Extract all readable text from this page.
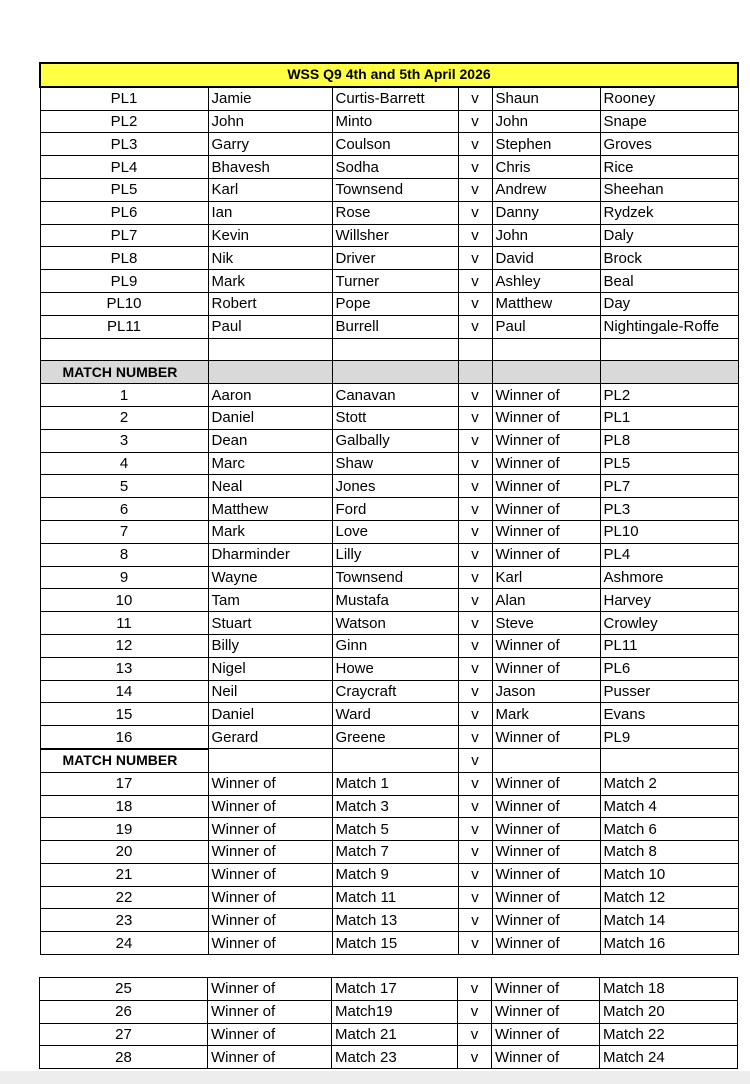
WSS Q9 4th and 5th April 2026					
PL1	Jamie	Curtis-Barrett	v	Shaun	Rooney
PL2	John	Minto	v	John	Snape
PL3	Garry	Coulson	v	Stephen	Groves
PL4	Bhavesh	Sodha	v	Chris	Rice
PL5	Karl	Townsend	v	Andrew	Sheehan
PL6	Ian	Rose	v	Danny	Rydzek
PL7	Kevin	Willsher	v	John	Daly
PL8	Nik	Driver	v	David	Brock
PL9	Mark	Turner	v	Ashley	Beal
PL10	Robert	Pope	v	Matthew	Day
PL11	Paul	Burrell	v	Paul	Nightingale-Roffe

MATCH NUMBER					
1	Aaron	Canavan	v	Winner of	PL2
2	Daniel	Stott	v	Winner of	PL1
3	Dean	Galbally	v	Winner of	PL8
4	Marc	Shaw	v	Winner of	PL5
5	Neal	Jones	v	Winner of	PL7
6	Matthew	Ford	v	Winner of	PL3
7	Mark	Love	v	Winner of	PL10
8	Dharminder	Lilly	v	Winner of	PL4
9	Wayne	Townsend	v	Karl	Ashmore
10	Tam	Mustafa	v	Alan	Harvey
11	Stuart	Watson	v	Steve	Crowley
12	Billy	Ginn	v	Winner of	PL11
13	Nigel	Howe	v	Winner of	PL6
14	Neil	Craycraft	v	Jason	Pusser
15	Daniel	Ward	v	Mark	Evans
16	Gerard	Greene	v	Winner of	PL9
MATCH NUMBER			v		
17	Winner of	Match 1	v	Winner of	Match 2
18	Winner of	Match 3	v	Winner of	Match 4
19	Winner of	Match 5	v	Winner of	Match 6
20	Winner of	Match 7	v	Winner of	Match 8
21	Winner of	Match 9	v	Winner of	Match 10
22	Winner of	Match 11	v	Winner of	Match 12
23	Winner of	Match 13	v	Winner of	Match 14
24	Winner of	Match 15	v	Winner of	Match 16
25	Winner of	Match 17	v	Winner of	Match 18
26	Winner of	Match19	v	Winner of	Match 20
27	Winner of	Match 21	v	Winner of	Match 22
28	Winner of	Match 23	v	Winner of	Match 24
